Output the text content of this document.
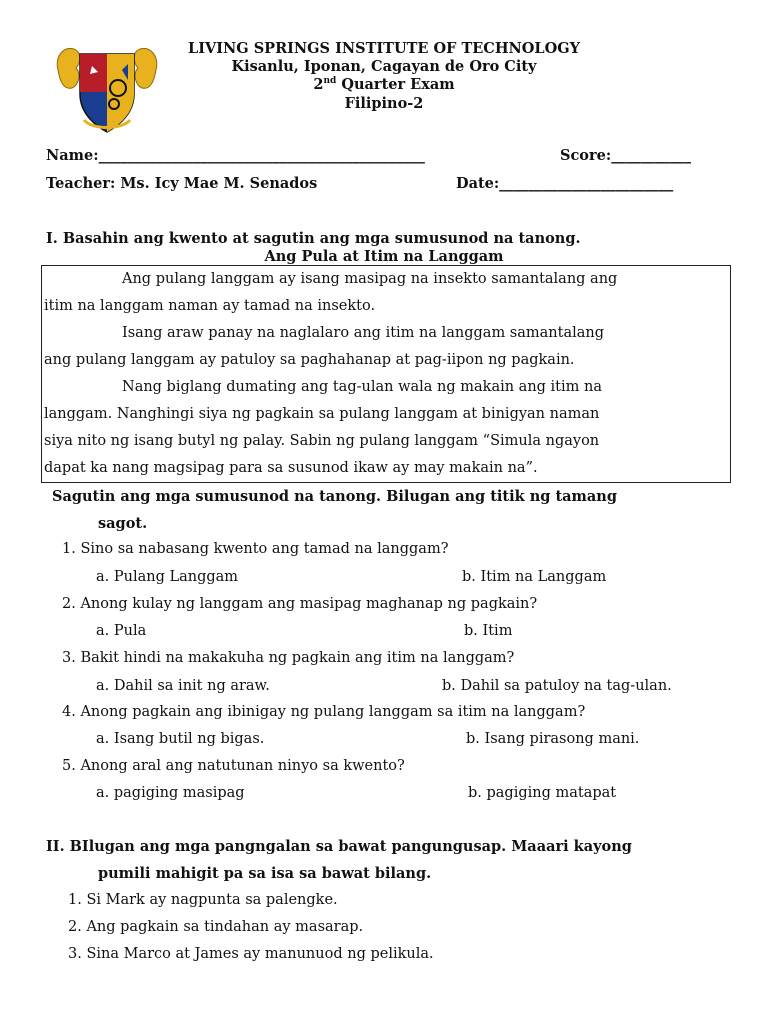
LIVING SPRINGS INSTITUTE OF TECHNOLOGY
Kisanlu, Iponan, Cagayan de Oro City
2nd Quarter Exam
Filipino-2
Name:_____________________________________________	Score:___________
Teacher: Ms. Icy Mae M. Senados	Date:________________________
I. Basahin ang kwento at sagutin ang mga sumusunod na tanong.
Ang Pula at Itim na Langgam
Ang pulang langgam ay isang masipag na insekto samantalang ang
itim na langgam naman ay tamad na insekto.
Isang araw panay na naglalaro ang itim na langgam samantalang
ang pulang langgam ay patuloy sa paghahanap at pag-iipon ng pagkain.
Nang biglang dumating ang tag-ulan wala ng makain ang itim na
langgam. Nanghingi siya ng pagkain sa pulang langgam at binigyan naman
siya nito ng isang butyl ng palay. Sabin ng pulang langgam “Simula ngayon
dapat ka nang magsipag para sa susunod ikaw ay may makain na”.
Sagutin ang mga sumusunod na tanong. Bilugan ang titik ng tamang
sagot.
1. Sino sa nabasang kwento ang tamad na langgam?
a. Pulang Langgam	b. Itim na Langgam
2. Anong kulay ng langgam ang masipag maghanap ng pagkain?
a. Pula	b. Itim
3. Bakit hindi na makakuha ng pagkain ang itim na langgam?
a. Dahil sa init ng araw.	b. Dahil sa patuloy na tag-ulan.
4. Anong pagkain ang ibinigay ng pulang langgam sa itim na langgam?
a. Isang butil ng bigas.	b. Isang pirasong mani.
5. Anong aral ang natutunan ninyo sa kwento?
a. pagiging masipag	b. pagiging matapat
II. BIlugan ang mga pangngalan sa bawat pangungusap. Maaari kayong
pumili mahigit pa sa isa sa bawat bilang.
1. Si Mark ay nagpunta sa palengke.
2. Ang pagkain sa tindahan ay masarap.
3. Sina Marco at James ay manunuod ng pelikula.
